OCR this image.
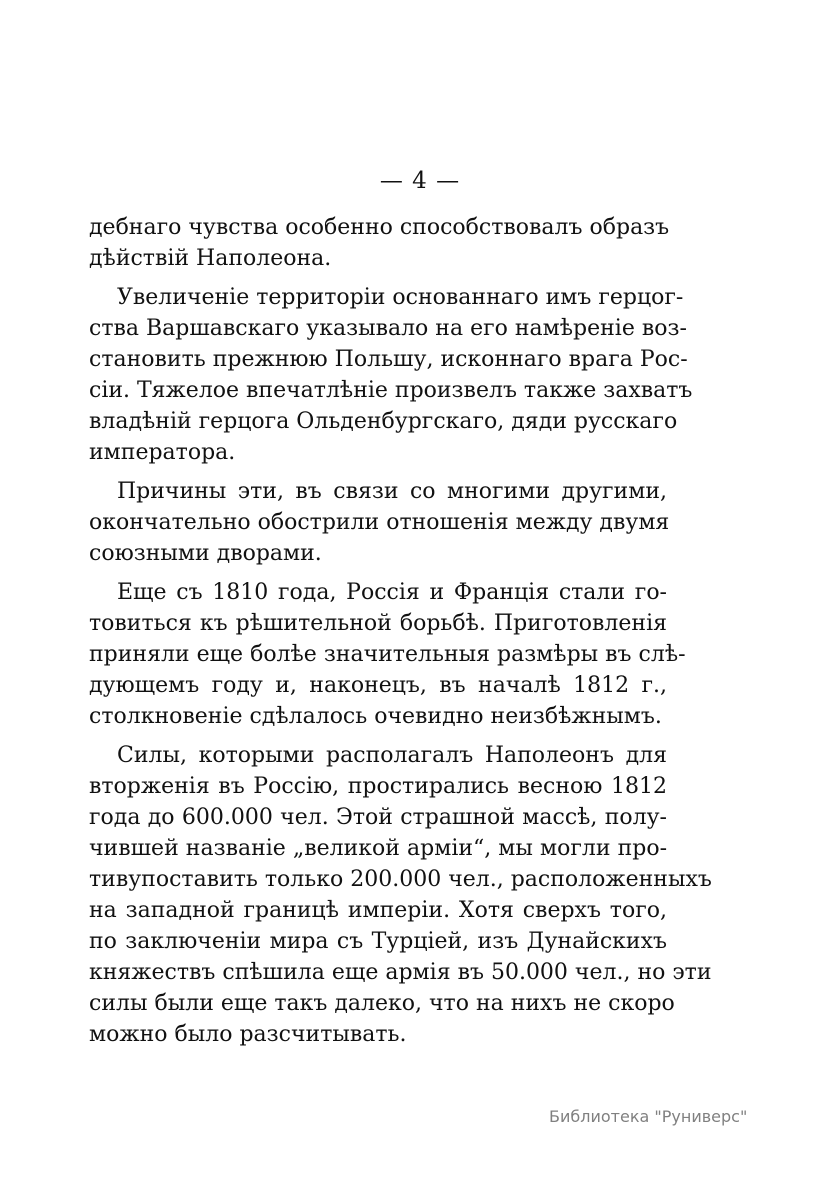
— 4 —
дебнаго чувства особенно способствовалъ образъ
дѣйствій Наполеона.
Увеличеніе территоріи основаннаго имъ герцог-
ства Варшавскаго указывало на его намѣреніе воз-
становить прежнюю Польшу, исконнаго врага Рос-
сіи. Тяжелое впечатлѣніе произвелъ также захватъ
владѣній герцога Ольденбургскаго, дяди русскаго
императора.
Причины эти, въ связи со многими другими,
окончательно обострили отношенія между двумя
союзными дворами.
Еще съ 1810 года, Россія и Франція стали го-
товиться къ рѣшительной борьбѣ. Приготовленія
приняли еще болѣе значительныя размѣры въ слѣ-
дующемъ году и, наконецъ, въ началѣ 1812 г.,
столкновеніе сдѣлалось очевидно неизбѣжнымъ.
Силы, которыми располагалъ Наполеонъ для
вторженія въ Россію, простирались весною 1812
года до 600.000 чел. Этой страшной массѣ, полу-
чившей названіе „великой арміи“, мы могли про-
тивупоставить только 200.000 чел., расположенныхъ
на западной границѣ имперіи. Хотя сверхъ того,
по заключеніи мира съ Турціей, изъ Дунайскихъ
княжествъ спѣшила еще армія въ 50.000 чел., но эти
силы были еще такъ далеко, что на нихъ не скоро
можно было разсчитывать.
Библиотека "Руниверс"
